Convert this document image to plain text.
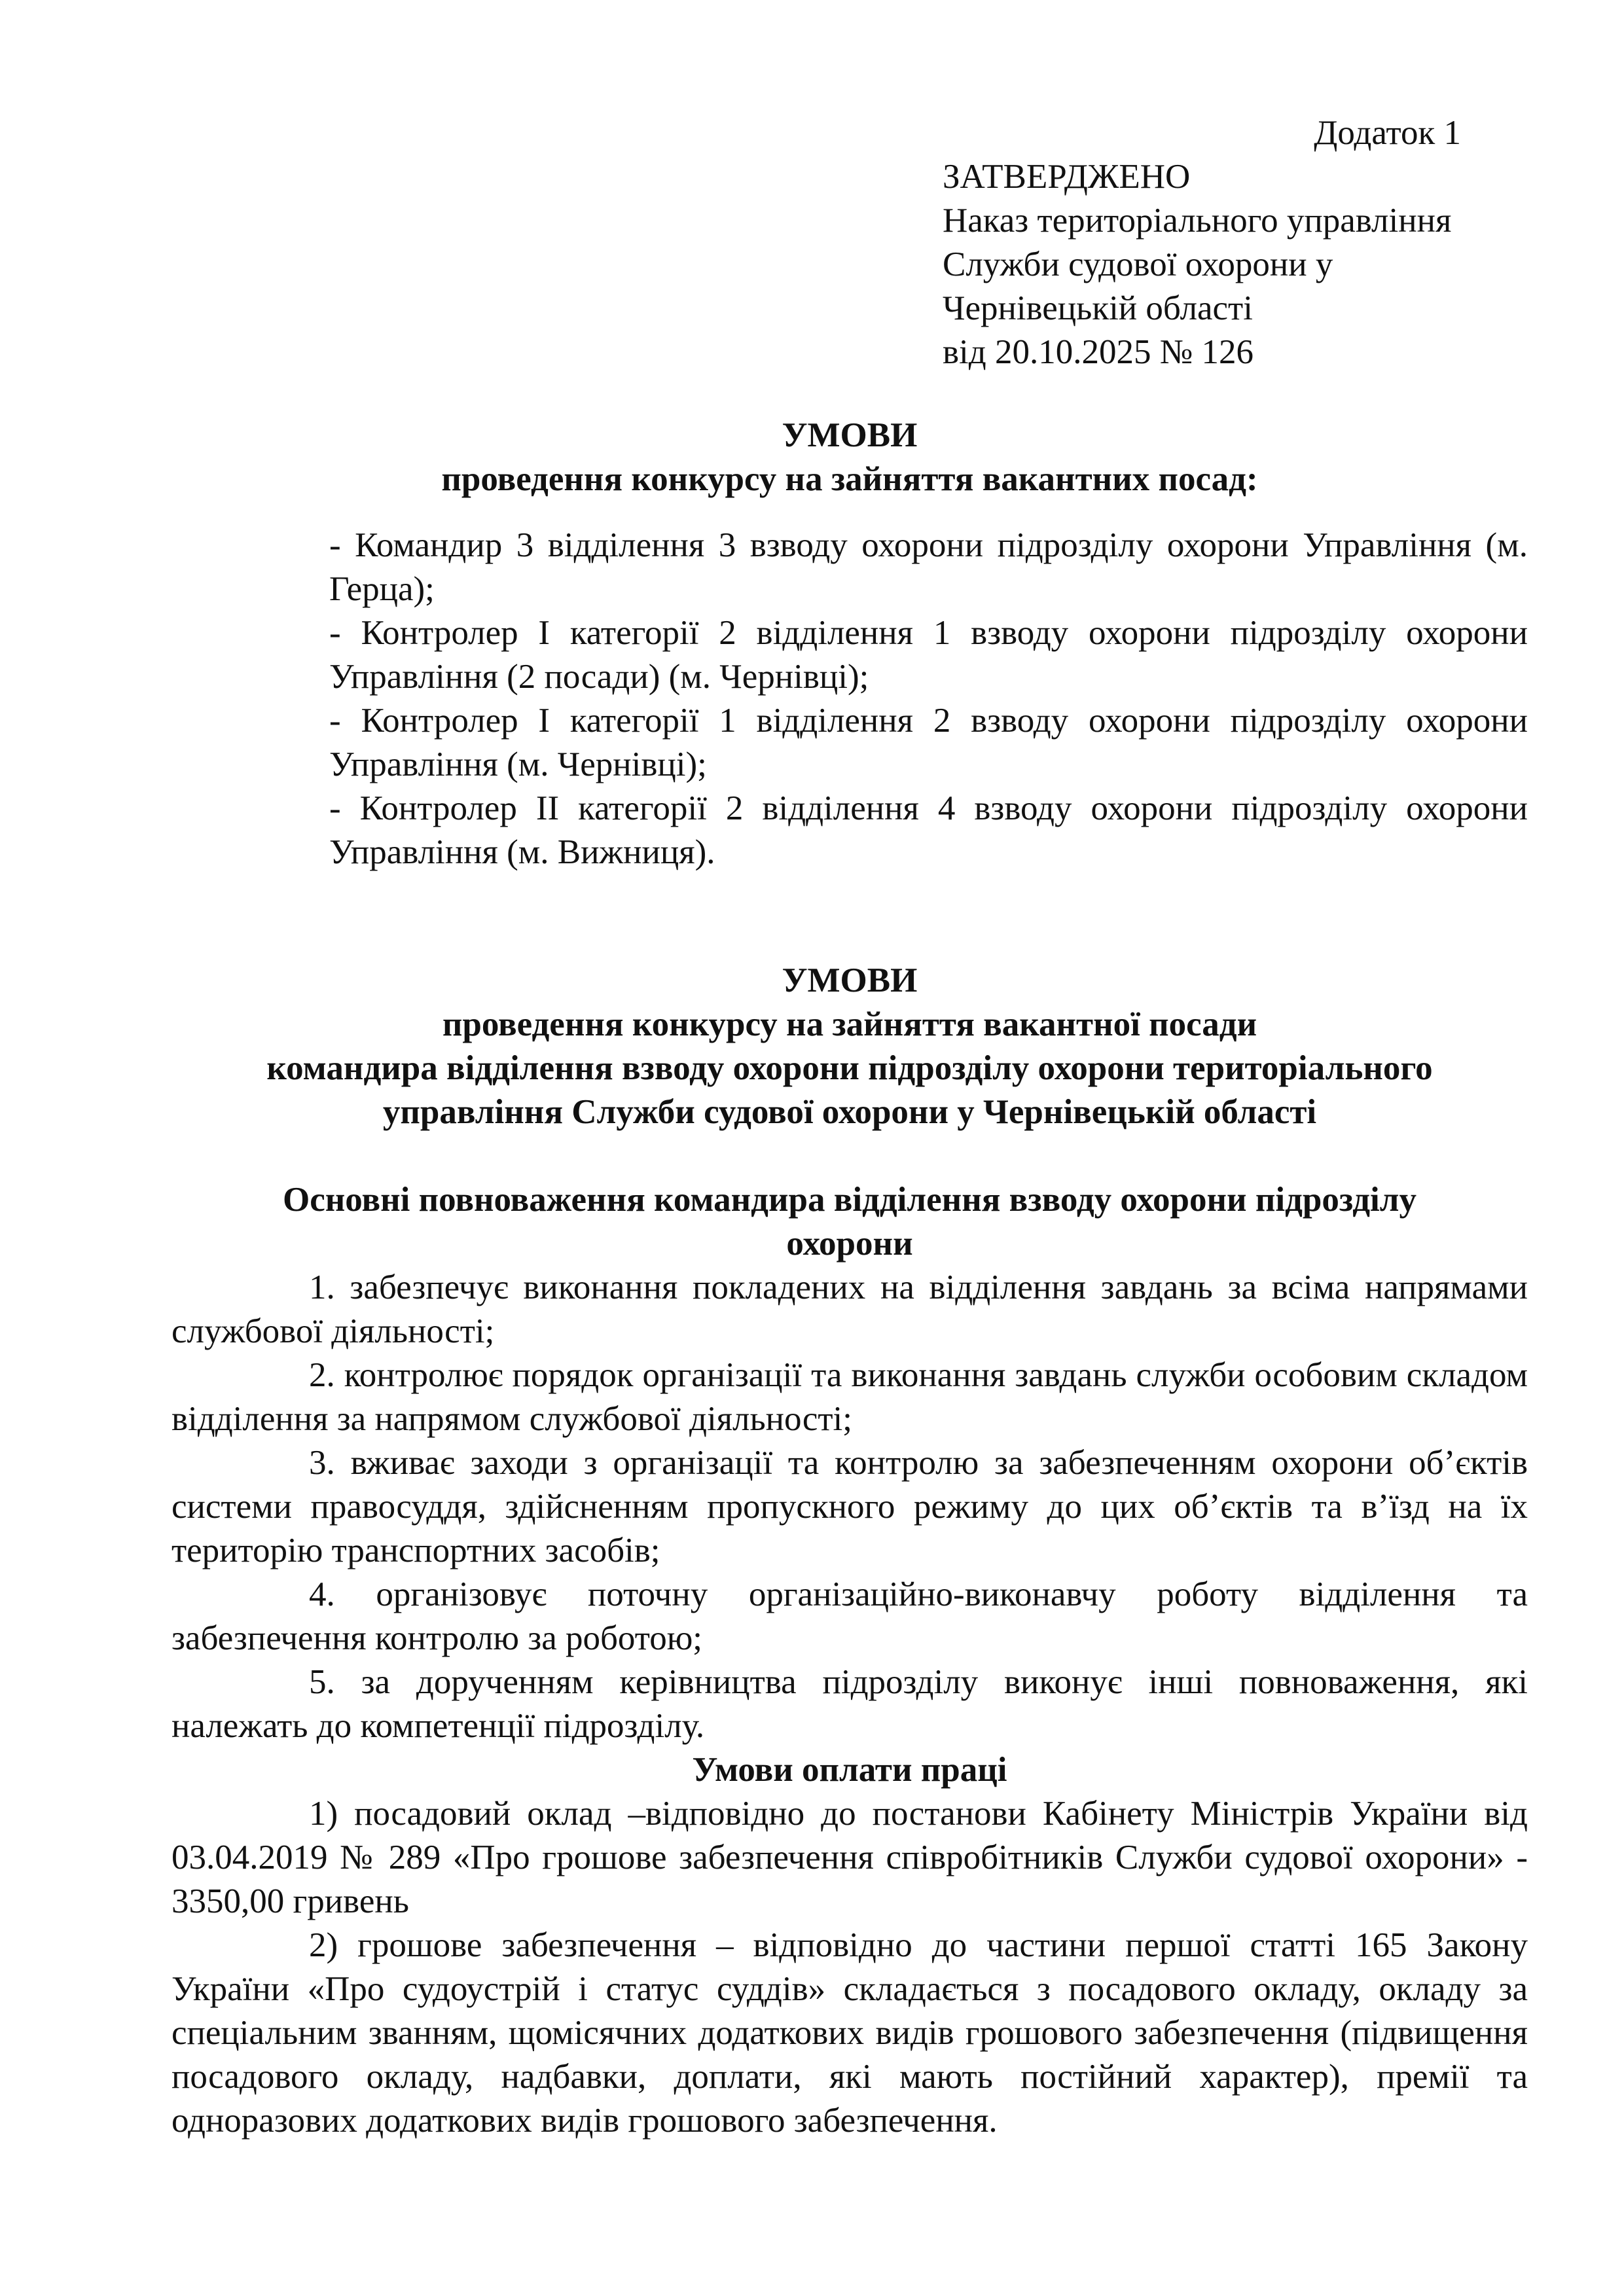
Додаток 1
ЗАТВЕРДЖЕНО
Наказ територіального управління
Служби судової охорони у
Чернівецькій області
від 20.10.2025 № 126
УМОВИ
проведення конкурсу на зайняття вакантних посад:
- Командир 3 відділення 3 взводу охорони підрозділу охорони Управління (м. Герца);
- Контролер І категорії 2 відділення 1 взводу охорони підрозділу охорони Управління (2 посади) (м. Чернівці);
- Контролер І категорії 1 відділення 2 взводу охорони підрозділу охорони Управління (м. Чернівці);
- Контролер ІІ категорії 2 відділення 4 взводу охорони підрозділу охорони Управління (м. Вижниця).
УМОВИ
проведення конкурсу на зайняття вакантної посади
командира відділення взводу охорони підрозділу охорони територіального
управління Служби судової охорони у Чернівецькій області
Основні повноваження командира відділення взводу охорони підрозділу
охорони
1. забезпечує виконання покладених на відділення завдань за всіма напрямами службової діяльності;
2. контролює порядок організації та виконання завдань служби особовим складом відділення за напрямом службової діяльності;
3. вживає заходи з організації та контролю за забезпеченням охорони об’єктів системи правосуддя, здійсненням пропускного режиму до цих об’єктів та в’їзд на їх територію транспортних засобів;
4. організовує поточну організаційно-виконавчу роботу відділення та забезпечення контролю за роботою;
5. за дорученням керівництва підрозділу виконує інші повноваження, які належать до компетенції підрозділу.
Умови оплати праці
1) посадовий оклад –відповідно до постанови Кабінету Міністрів України від 03.04.2019 № 289 «Про грошове забезпечення співробітників Служби судової охорони» - 3350,00 гривень
2) грошове забезпечення – відповідно до частини першої статті 165 Закону України «Про судоустрій і статус суддів» складається з посадового окладу, окладу за спеціальним званням, щомісячних додаткових видів грошового забезпечення (підвищення посадового окладу, надбавки, доплати, які мають постійний характер), премії та одноразових додаткових видів грошового забезпечення.
